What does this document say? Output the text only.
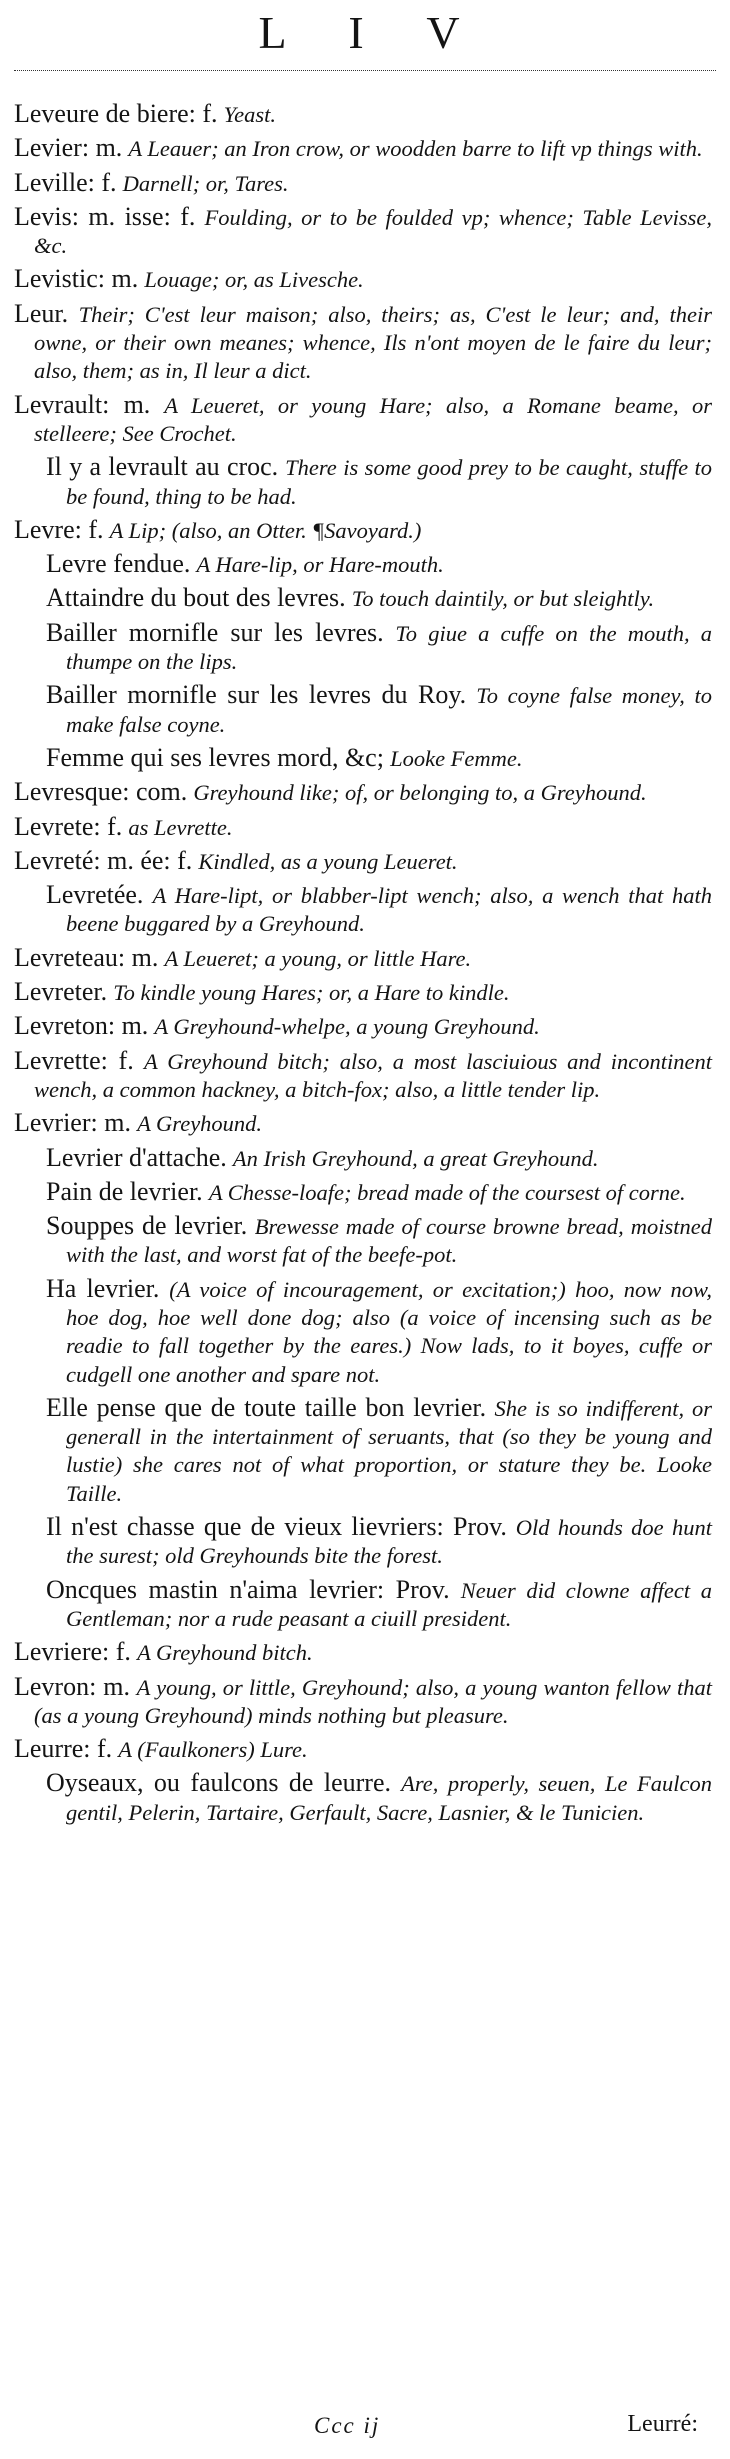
L I V
Leveure de biere: f. Yeast.
Levier: m. A Leauer; an Iron crow, or woodden barre to lift vp things with.
Leville: f. Darnell; or, Tares.
Levis: m. isse: f. Foulding, or to be foulded vp; whence; Table Levisse, &c.
Levistic: m. Louage; or, as Livesche.
Leur. Their; C'est leur maison; also, theirs; as, C'est le leur; and, their owne, or their own meanes; whence, Ils n'ont moyen de le faire du leur; also, them; as in, Il leur a dict.
Levrault: m. A Leueret, or young Hare; also, a Romane beame, or stelleere; See Crochet.
Il y a levrault au croc. There is some good prey to be caught, stuffe to be found, thing to be had.
Levre: f. A Lip; (also, an Otter. ¶Savoyard.)
Levre fendue. A Hare-lip, or Hare-mouth.
Attaindre du bout des levres. To touch daintily, or but sleightly.
Bailler mornifle sur les levres. To giue a cuffe on the mouth, a thumpe on the lips.
Bailler mornifle sur les levres du Roy. To coyne false money, to make false coyne.
Femme qui ses levres mord, &c; Looke Femme.
Levresque: com. Greyhound like; of, or belonging to, a Greyhound.
Levrete: f. as Levrette.
Levreté: m. ée: f. Kindled, as a young Leueret.
Levretée. A Hare-lipt, or blabber-lipt wench; also, a wench that hath beene buggared by a Greyhound.
Levreteau: m. A Leueret; a young, or little Hare.
Levreter. To kindle young Hares; or, a Hare to kindle.
Levreton: m. A Greyhound-whelpe, a young Greyhound.
Levrette: f. A Greyhound bitch; also, a most lasciuious and incontinent wench, a common hackney, a bitch-fox; also, a little tender lip.
Levrier: m. A Greyhound.
Levrier d'attache. An Irish Greyhound, a great Greyhound.
Pain de levrier. A Chesse-loafe; bread made of the coursest of corne.
Souppes de levrier. Brewesse made of course browne bread, moistned with the last, and worst fat of the beefe-pot.
Ha levrier. (A voice of incouragement, or excitation;) hoo, now now, hoe dog, hoe well done dog; also (a voice of incensing such as be readie to fall together by the eares.) Now lads, to it boyes, cuffe or cudgell one another and spare not.
Elle pense que de toute taille bon levrier. She is so indifferent, or generall in the intertainment of seruants, that (so they be young and lustie) she cares not of what proportion, or stature they be. Looke Taille.
Il n'est chasse que de vieux lievriers: Prov. Old hounds doe hunt the surest; old Greyhounds bite the forest.
Oncques mastin n'aima levrier: Prov. Neuer did clowne affect a Gentleman; nor a rude peasant a ciuill president.
Levriere: f. A Greyhound bitch.
Levron: m. A young, or little, Greyhound; also, a young wanton fellow that (as a young Greyhound) minds nothing but pleasure.
Leurre: f. A (Faulkoners) Lure.
Oyseaux, ou faulcons de leurre. Are, properly, seuen, Le Faulcon gentil, Pelerin, Tartaire, Gerfault, Sacre, Lasnier, & le Tunicien.
Ccc ij	Leurré:
